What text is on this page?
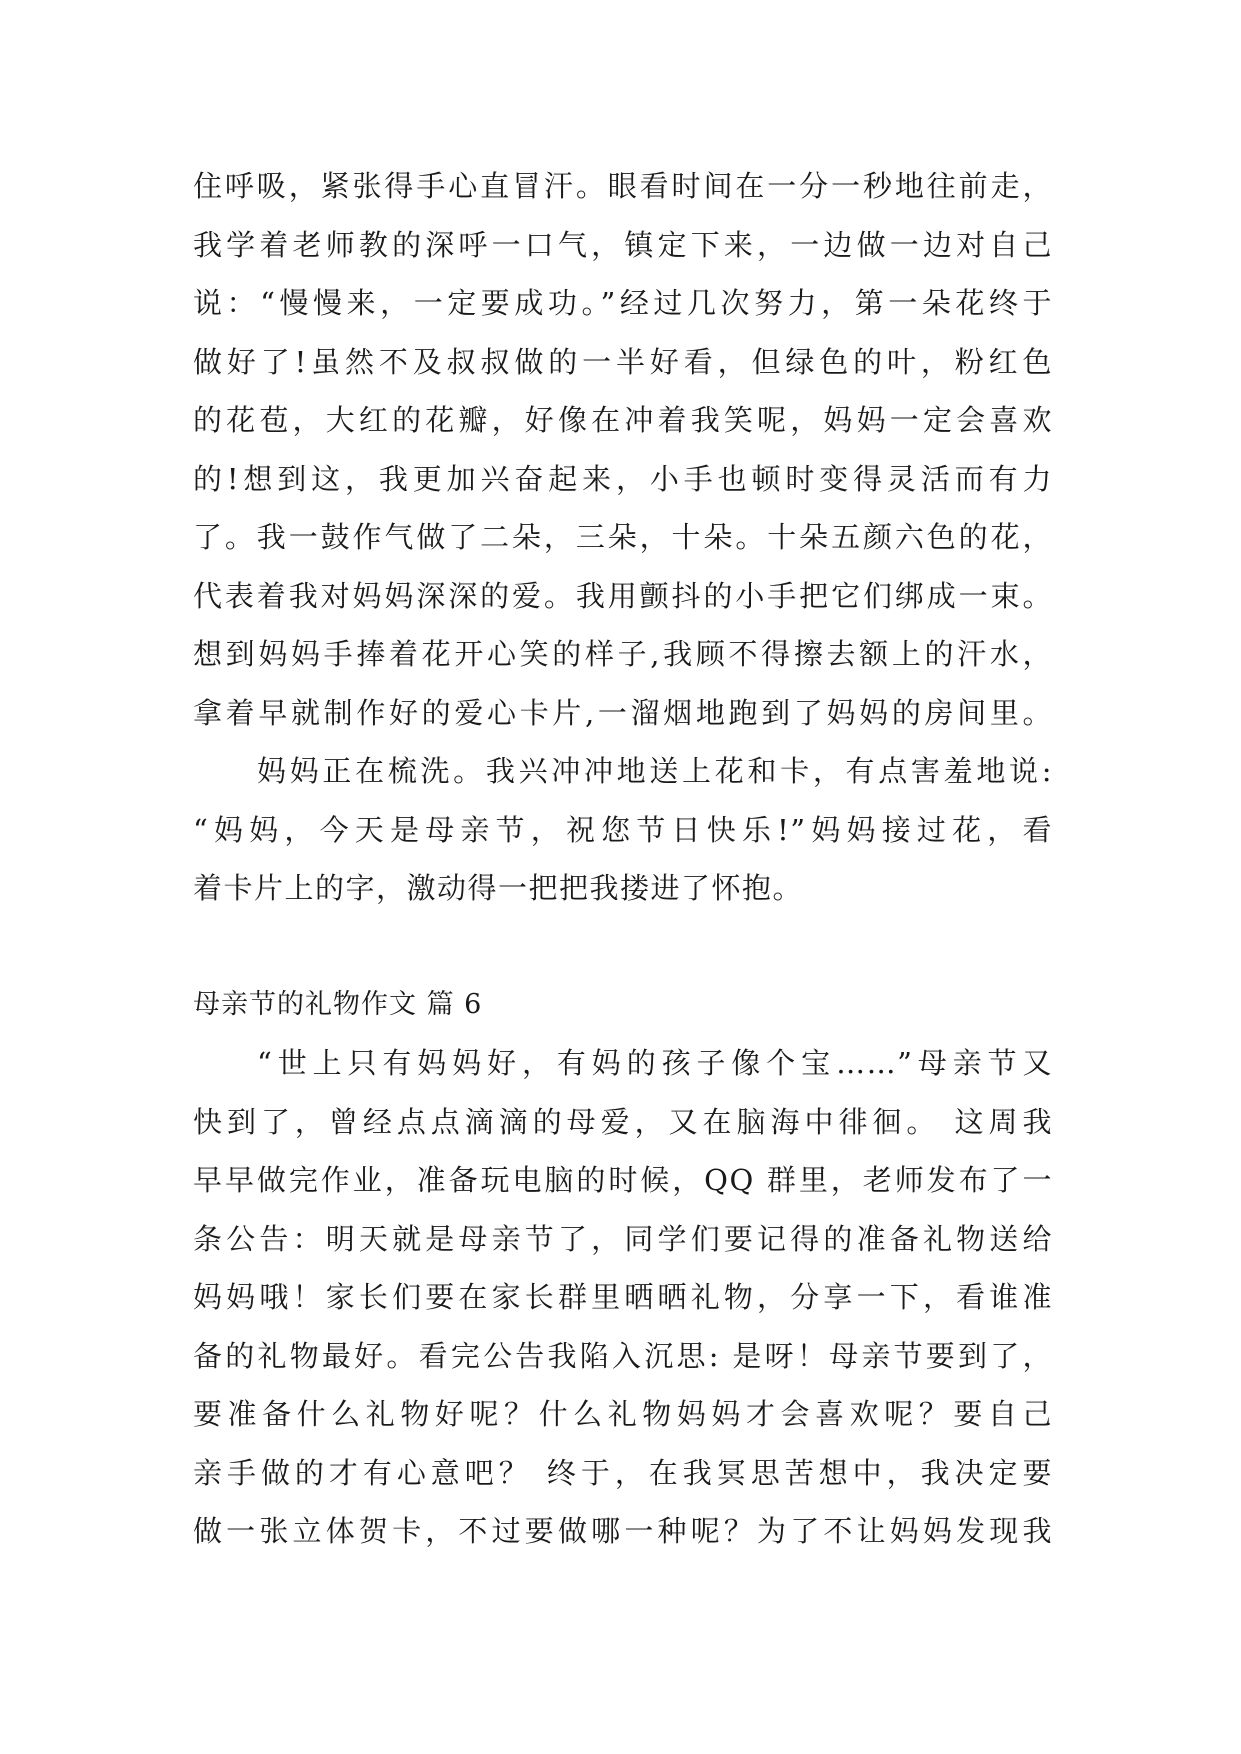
住呼吸，紧张得手心直冒汗。眼看时间在一分一秒地往前走，
我学着老师教的深呼一口气，镇定下来，一边做一边对自己
说：“慢慢来，一定要成功。”经过几次努力，第一朵花终于
做好了!虽然不及叔叔做的一半好看，但绿色的叶，粉红色
的花苞，大红的花瓣，好像在冲着我笑呢，妈妈一定会喜欢
的!想到这，我更加兴奋起来，小手也顿时变得灵活而有力
了。我一鼓作气做了二朵，三朵，十朵。十朵五颜六色的花，
代表着我对妈妈深深的爱。我用颤抖的小手把它们绑成一束。
想到妈妈手捧着花开心笑的样子,我顾不得擦去额上的汗水，
拿着早就制作好的爱心卡片,一溜烟地跑到了妈妈的房间里。
妈妈正在梳洗。我兴冲冲地送上花和卡，有点害羞地说:
“妈妈，今天是母亲节，祝您节日快乐!”妈妈接过花，看
着卡片上的字，激动得一把把我搂进了怀抱。
母亲节的礼物作文 篇 6
“世上只有妈妈好，有妈的孩子像个宝……”母亲节又
快到了，曾经点点滴滴的母爱，又在脑海中徘徊。 这周我
早早做完作业，准备玩电脑的时候，QQ 群里，老师发布了一
条公告：明天就是母亲节了，同学们要记得的准备礼物送给
妈妈哦！家长们要在家长群里晒晒礼物，分享一下，看谁准
备的礼物最好。看完公告我陷入沉思: 是呀！母亲节要到了，
要准备什么礼物好呢？什么礼物妈妈才会喜欢呢？要自己
亲手做的才有心意吧？ 终于，在我冥思苦想中，我决定要
做一张立体贺卡，不过要做哪一种呢？为了不让妈妈发现我
